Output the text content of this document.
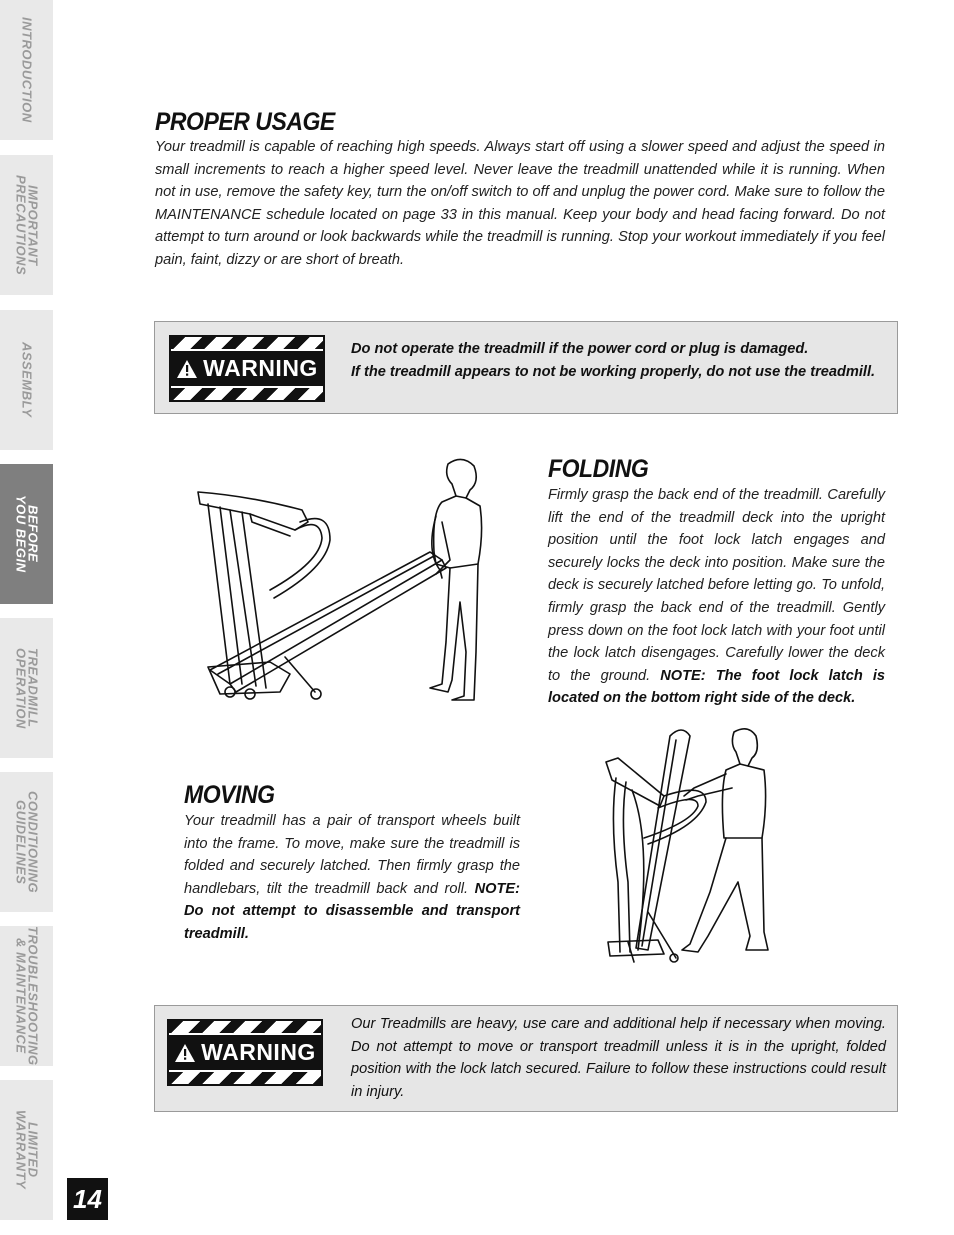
INTRODUCTION
IMPORTANT
PRECAUTIONS
ASSEMBLY
BEFORE
YOU BEGIN
TREADMILL
OPERATION
CONDITIONING
GUIDELINES
TROUBLESHOOTING
& MAINTENANCE
LIMITED
WARRANTY
14
PROPER USAGE

Your treadmill is capable of reaching high speeds. Always start off using a slower speed and adjust the speed in small increments to reach a higher speed level. Never leave the treadmill unattended while it is running. When not in use, remove the safety key, turn the on/off switch to off and unplug the power cord. Make sure to follow the MAINTENANCE schedule located on page 33 in this manual. Keep your body and head facing forward. Do not attempt to turn around or look backwards while the treadmill is running. Stop your workout immediately if you feel pain, faint, dizzy or are short of breath.

WARNING
Do not operate the treadmill if the power cord or plug is damaged.
If the treadmill appears to not be working properly, do not use the treadmill.
FOLDING

Firmly grasp the back end of the treadmill. Carefully lift the end of the treadmill deck into the upright position until the foot lock latch engages and securely locks the deck into position. Make sure the deck is securely latched before letting go. To unfold, firmly grasp the back end of the treadmill. Gently press down on the foot lock latch with your foot until the lock latch disengages. Carefully lower the deck to the ground. NOTE: The foot lock latch is located on the bottom right side of the deck.

MOVING

Your treadmill has a pair of transport wheels built into the frame. To move, make sure the treadmill is folded and securely latched. Then firmly grasp the handlebars, tilt the treadmill back and roll. NOTE: Do not attempt to disassemble and transport treadmill.

WARNING
Our Treadmills are heavy, use care and additional help if necessary when moving. Do not attempt to move or transport treadmill unless it is in the upright, folded position with the lock latch secured. Failure to follow these instructions could result in injury.
